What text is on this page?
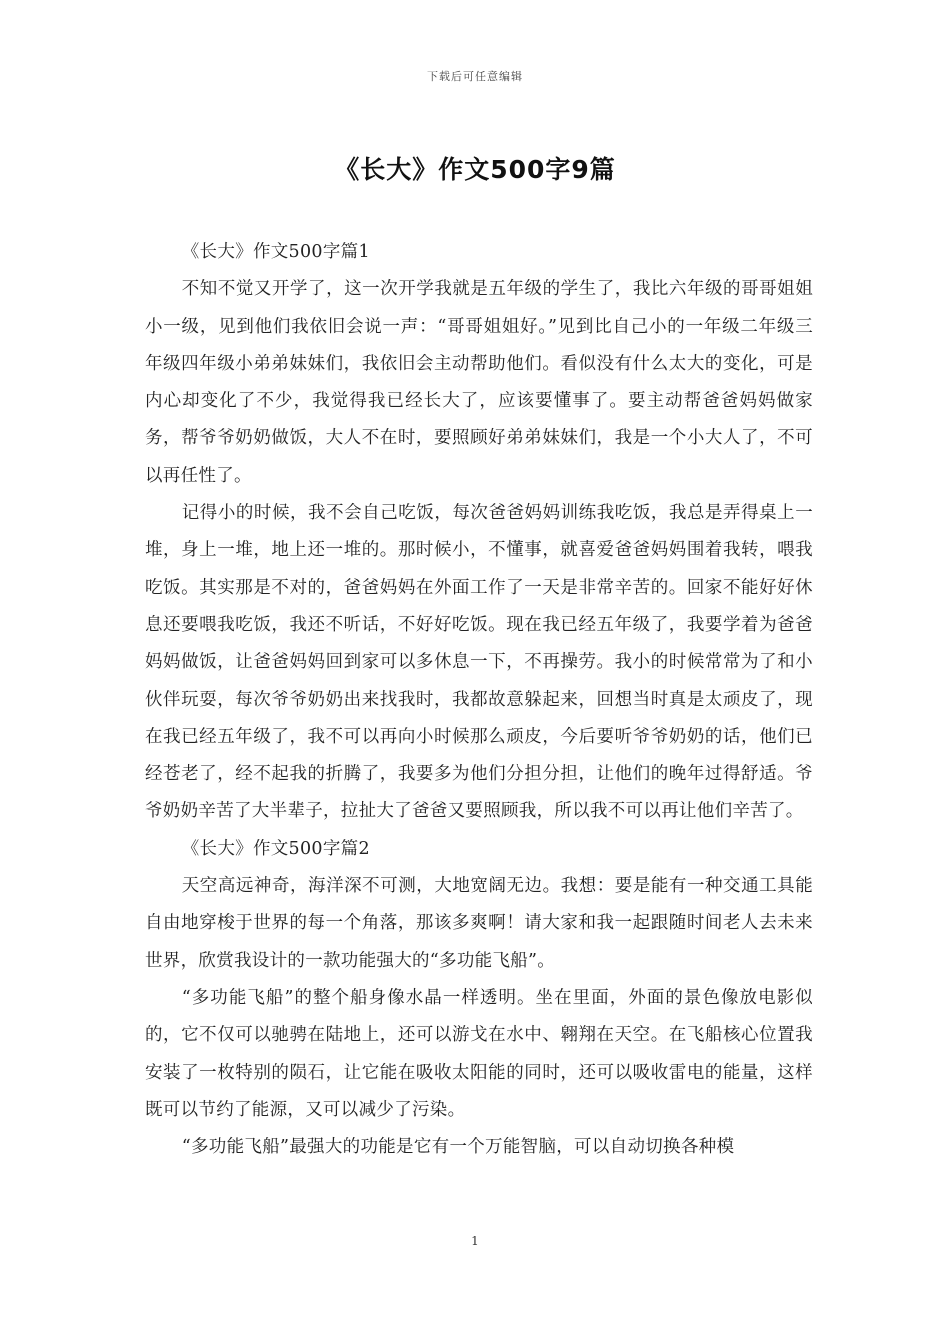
下载后可任意编辑
《长大》作文500字9篇

《长大》作文500字篇1

不知不觉又开学了，这一次开学我就是五年级的学生了，我比六年级的哥哥姐姐小一级，见到他们我依旧会说一声：“哥哥姐姐好。”见到比自己小的一年级二年级三年级四年级小弟弟妹妹们，我依旧会主动帮助他们。看似没有什么太大的变化，可是内心却变化了不少，我觉得我已经长大了，应该要懂事了。要主动帮爸爸妈妈做家务，帮爷爷奶奶做饭，大人不在时，要照顾好弟弟妹妹们，我是一个小大人了，不可以再任性了。

记得小的时候，我不会自己吃饭，每次爸爸妈妈训练我吃饭，我总是弄得桌上一堆，身上一堆，地上还一堆的。那时候小，不懂事，就喜爱爸爸妈妈围着我转，喂我吃饭。其实那是不对的，爸爸妈妈在外面工作了一天是非常辛苦的。回家不能好好休息还要喂我吃饭，我还不听话，不好好吃饭。现在我已经五年级了，我要学着为爸爸妈妈做饭，让爸爸妈妈回到家可以多休息一下，不再操劳。我小的时候常常为了和小伙伴玩耍，每次爷爷奶奶出来找我时，我都故意躲起来，回想当时真是太顽皮了，现在我已经五年级了，我不可以再向小时候那么顽皮，今后要听爷爷奶奶的话，他们已经苍老了，经不起我的折腾了，我要多为他们分担分担，让他们的晚年过得舒适。爷爷奶奶辛苦了大半辈子，拉扯大了爸爸又要照顾我，所以我不可以再让他们辛苦了。

《长大》作文500字篇2

天空高远神奇，海洋深不可测，大地宽阔无边。我想：要是能有一种交通工具能自由地穿梭于世界的每一个角落，那该多爽啊！请大家和我一起跟随时间老人去未来世界，欣赏我设计的一款功能强大的“多功能飞船”。

“多功能飞船”的整个船身像水晶一样透明。坐在里面，外面的景色像放电影似的，它不仅可以驰骋在陆地上，还可以游戈在水中、翱翔在天空。在飞船核心位置我安装了一枚特别的陨石，让它能在吸收太阳能的同时，还可以吸收雷电的能量，这样既可以节约了能源，又可以减少了污染。

“多功能飞船”最强大的功能是它有一个万能智脑，可以自动切换各种模

1
